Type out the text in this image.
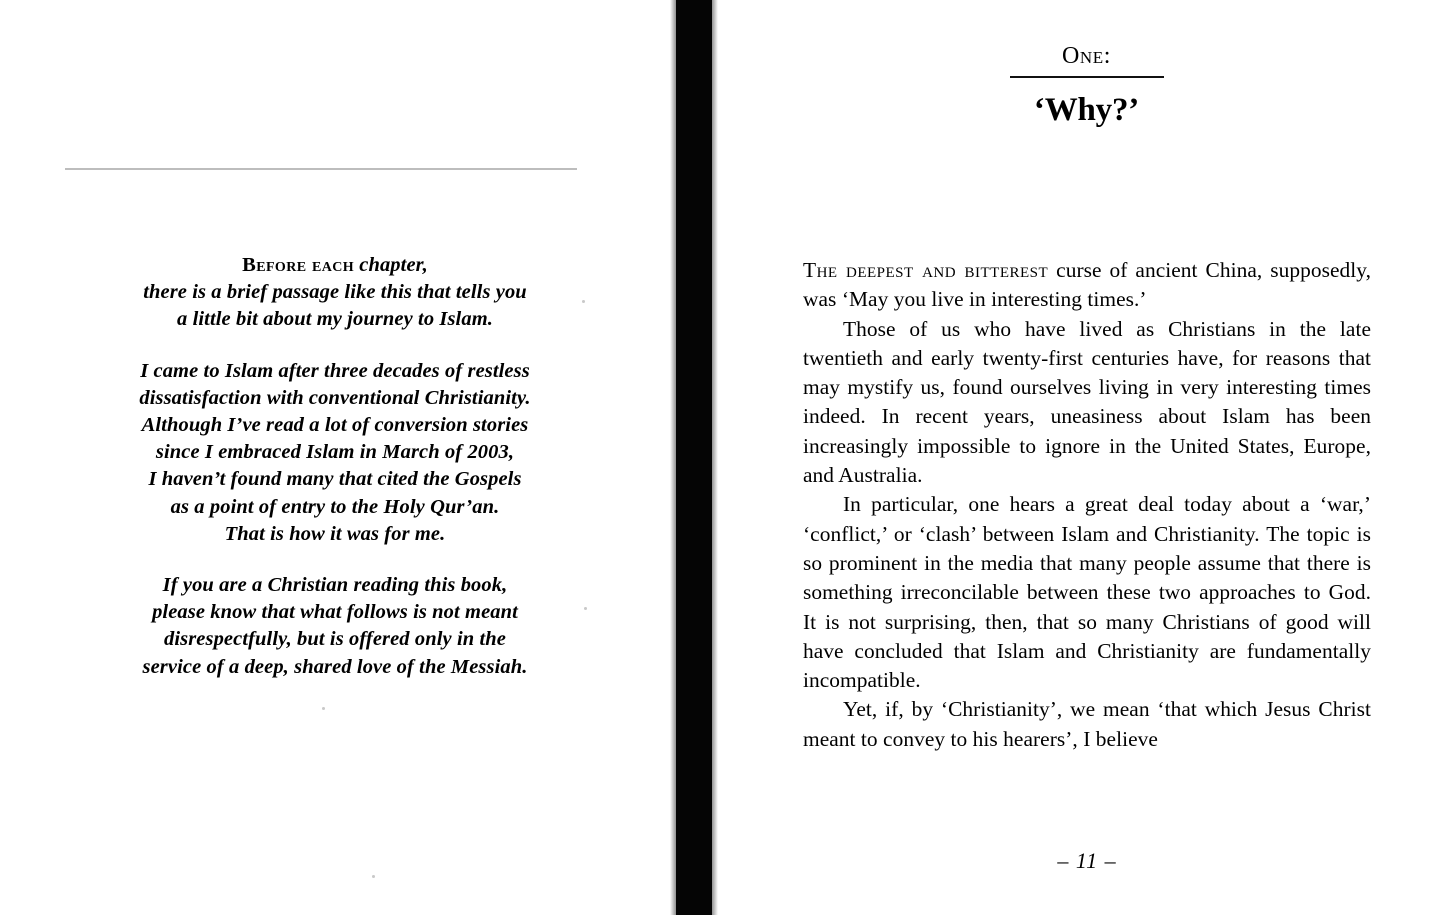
Before each chapter,
there is a brief passage like this that tells you
a little bit about my journey to Islam.
I came to Islam after three decades of restless
dissatisfaction with conventional Christianity.
Although I’ve read a lot of conversion stories
since I embraced Islam in March of 2003,
I haven’t found many that cited the Gospels
as a point of entry to the Holy Qur’an.
That is how it was for me.
If you are a Christian reading this book,
please know that what follows is not meant
disrespectfully, but is offered only in the
service of a deep, shared love of the Messiah.
One:
‘Why?’

The deepest and bitterest curse of ancient China, supposedly, was ‘May you live in interesting times.’

Those of us who have lived as Christians in the late twentieth and early twenty-first centuries have, for reasons that may mystify us, found ourselves living in very interesting times indeed. In recent years, uneasiness about Islam has been increasingly impossible to ignore in the United States, Europe, and Australia.

In particular, one hears a great deal today about a ‘war,’ ‘conflict,’ or ‘clash’ between Islam and Christianity. The topic is so prominent in the media that many people assume that there is something irreconcilable between these two approaches to God. It is not surprising, then, that so many Christians of good will have concluded that Islam and Christianity are fundamentally incompatible.

Yet, if, by ‘Christianity’, we mean ‘that which Jesus Christ meant to convey to his hearers’, I believe

– 11 –
